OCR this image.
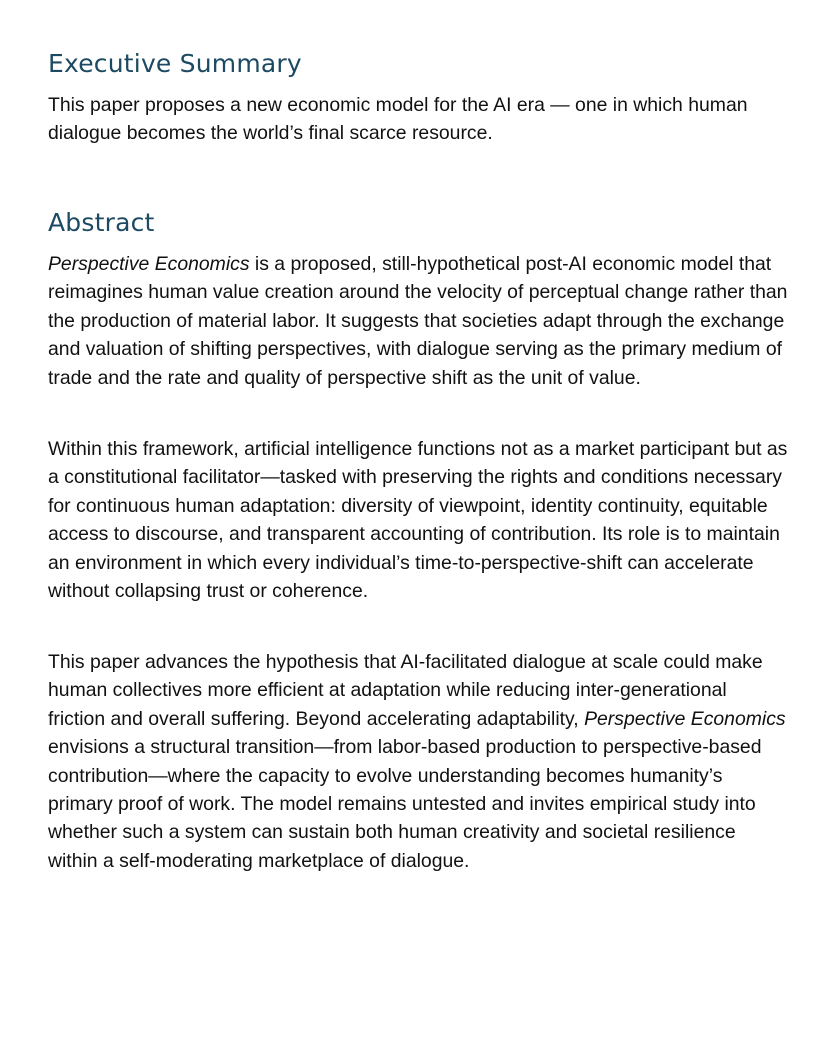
Executive Summary

This paper proposes a new economic model for the AI era — one in which human dialogue becomes the world’s final scarce resource.

Abstract

Perspective Economics is a proposed, still-hypothetical post-AI economic model that reimagines human value creation around the velocity of perceptual change rather than the production of material labor. It suggests that societies adapt through the exchange and valuation of shifting perspectives, with dialogue serving as the primary medium of trade and the rate and quality of perspective shift as the unit of value.

Within this framework, artificial intelligence functions not as a market participant but as a constitutional facilitator—tasked with preserving the rights and conditions necessary for continuous human adaptation: diversity of viewpoint, identity continuity, equitable access to discourse, and transparent accounting of contribution. Its role is to maintain an environment in which every individual’s time-to-perspective-shift can accelerate without collapsing trust or coherence.

This paper advances the hypothesis that AI-facilitated dialogue at scale could make human collectives more efficient at adaptation while reducing inter-generational friction and overall suffering. Beyond accelerating adaptability, Perspective Economics envisions a structural transition—from labor-based production to perspective-based contribution—where the capacity to evolve understanding becomes humanity’s primary proof of work. The model remains untested and invites empirical study into whether such a system can sustain both human creativity and societal resilience within a self-moderating marketplace of dialogue.
